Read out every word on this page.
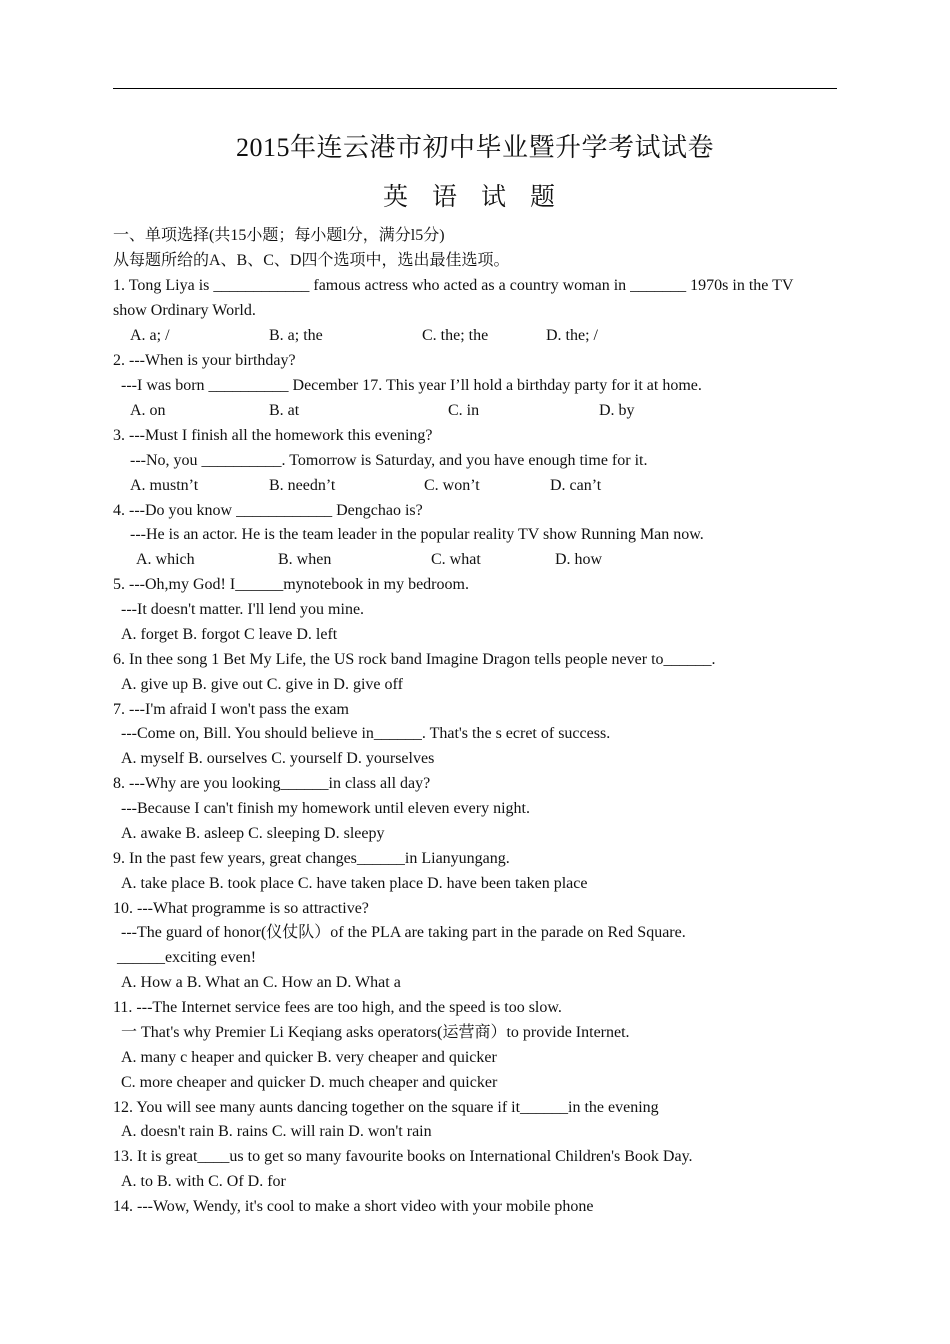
2015年连云港市初中毕业暨升学考试试卷
英语试题
一、单项选择(共15小题；每小题l分，满分l5分)
从每题所给的A、B、C、D四个选项中，选出最佳选项。
1. Tong Liya is ____________ famous actress who acted as a country woman in _______ 1970s in the TV
show Ordinary World.
A. a; /	B. a; the	C. the; the	D. the; /
2. ---When is your birthday?
---I was born __________ December 17. This year I’ll hold a birthday party for it at home.
A. on	B. at	C. in	D. by
3. ---Must I finish all the homework this evening?
---No, you __________. Tomorrow is Saturday, and you have enough time for it.
A. mustn’t	B. needn’t	C. won’t	D. can’t
4. ---Do you know ____________ Dengchao is?
---He is an actor. He is the team leader in the popular reality TV show Running Man now.
A. which	B. when	C. what	D. how
5. ---Oh,my God! I______mynotebook in my bedroom.
---It doesn't matter. I'll lend you mine.
A. forget B. forgot C leave D. left
6. In thee song 1 Bet My Life, the US rock band Imagine Dragon tells people never to______.
A. give up B. give out C. give in D. give off
7. ---I'm afraid I won't pass the exam
---Come on, Bill. You should believe in______. That's the s ecret of success.
A. myself B. ourselves C. yourself D. yourselves
8. ---Why are you looking______in class all day?
---Because I can't finish my homework until eleven every night.
A. awake B. asleep C. sleeping D. sleepy
9. In the past few years, great changes______in Lianyungang.
A. take place B. took place C. have taken place D. have been taken place
10. ---What programme is so attractive?
---The guard of honor(仪仗队）of the PLA are taking part in the parade on Red Square.
______exciting even!
A. How a B. What an C. How an D. What a
11. ---The Internet service fees are too high, and the speed is too slow.
一 That's why Premier Li Keqiang asks operators(运营商）to provide Internet.
A. many c heaper and quicker B. very cheaper and quicker
C. more cheaper and quicker D. much cheaper and quicker
12. You will see many aunts dancing together on the square if it______in the evening
A. doesn't rain B. rains C. will rain D. won't rain
13. It is great____us to get so many favourite books on International Children's Book Day.
A. to B. with C. Of D. for
14. ---Wow, Wendy, it's cool to make a short video with your mobile phone
